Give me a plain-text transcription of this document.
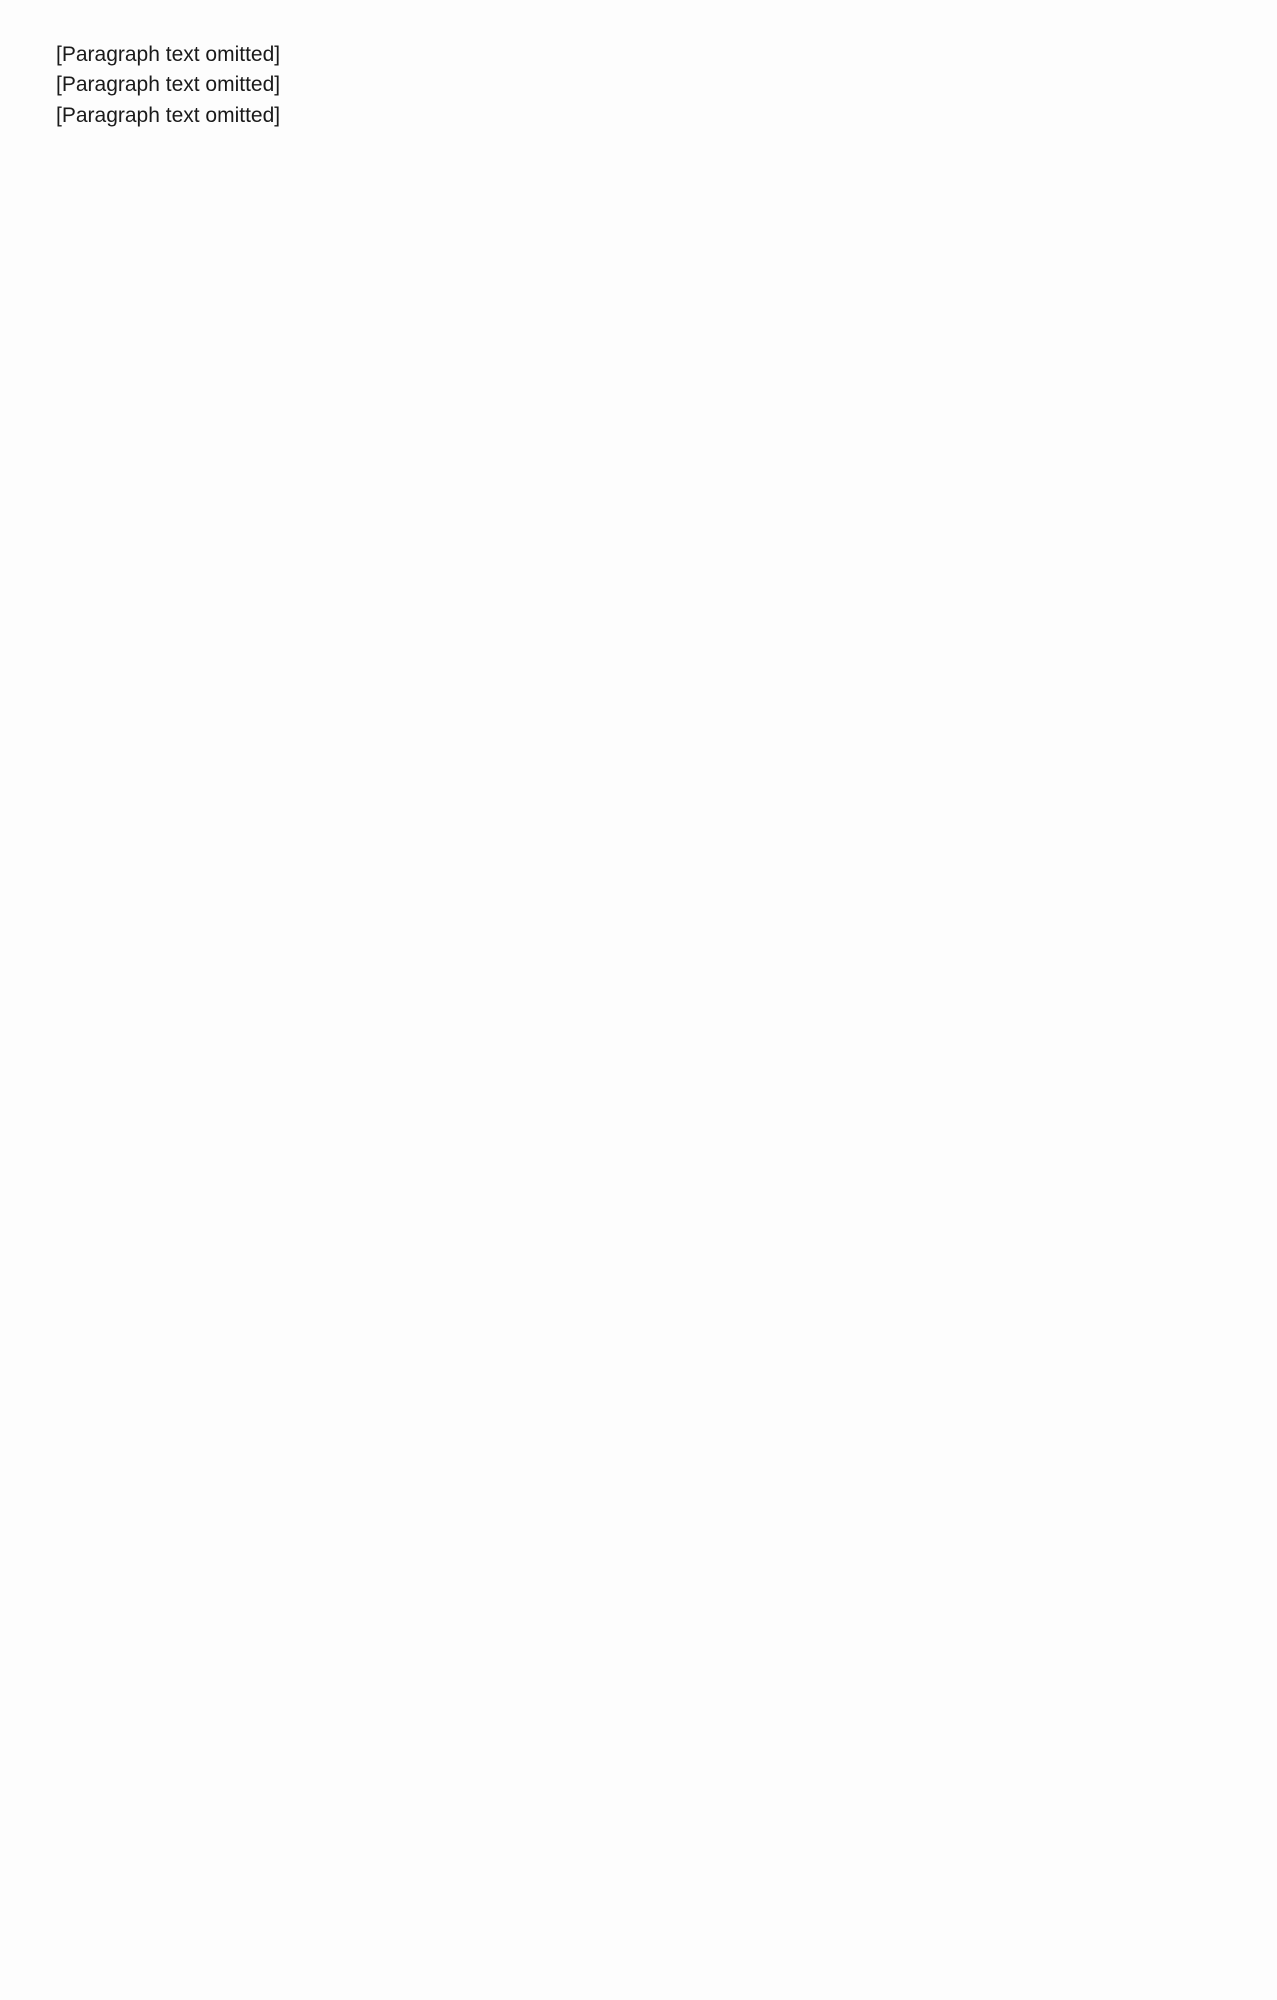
[Paragraph text omitted]

[Paragraph text omitted]

[Paragraph text omitted]
